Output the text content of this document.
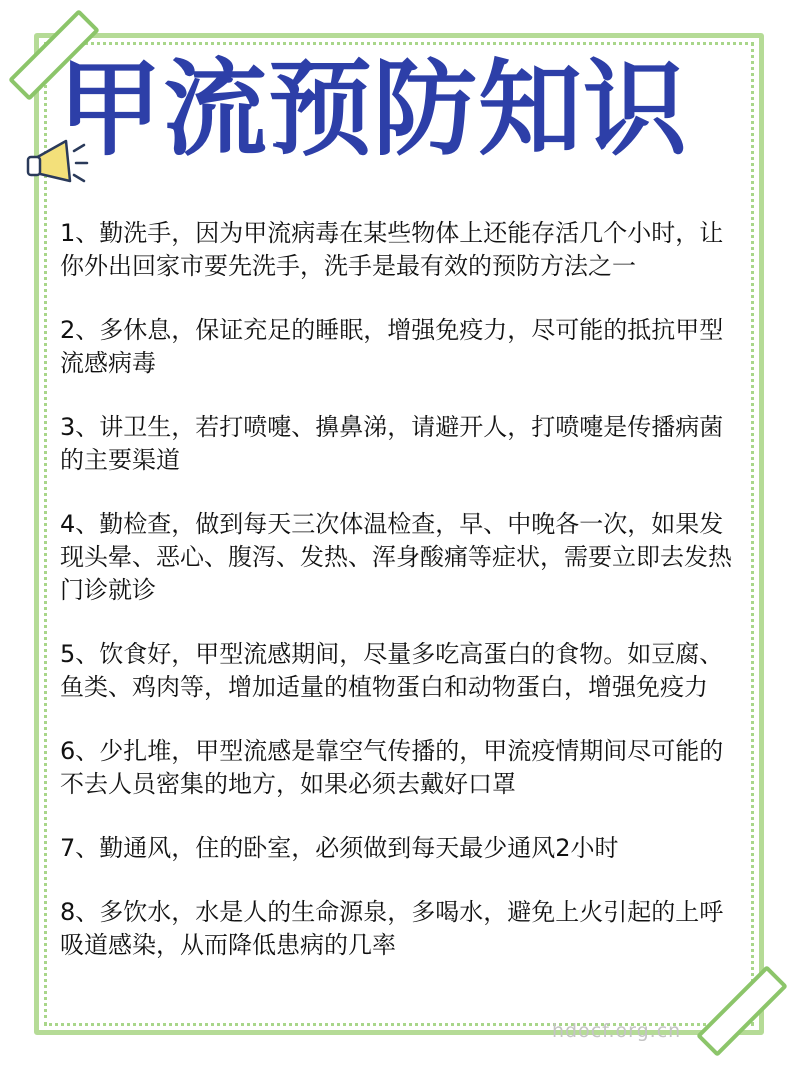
甲流预防知识
1、勤洗手，因为甲流病毒在某些物体上还能存活几个小时，让你外出回家市要先洗手，洗手是最有效的预防方法之一
2、多休息，保证充足的睡眠，增强免疫力，尽可能的抵抗甲型流感病毒
3、讲卫生，若打喷嚏、擤鼻涕，请避开人，打喷嚏是传播病菌的主要渠道
4、勤检查，做到每天三次体温检查，早、中晚各一次，如果发现头晕、恶心、腹泻、发热、浑身酸痛等症状，需要立即去发热门诊就诊
5、饮食好，甲型流感期间，尽量多吃高蛋白的食物。如豆腐、鱼类、鸡肉等，增加适量的植物蛋白和动物蛋白，增强免疫力
6、少扎堆，甲型流感是靠空气传播的，甲流疫情期间尽可能的不去人员密集的地方，如果必须去戴好口罩
7、勤通风，住的卧室，必须做到每天最少通风2小时
8、多饮水，水是人的生命源泉，多喝水，避免上火引起的上呼吸道感染，从而降低患病的几率
hdocf.org.cn
